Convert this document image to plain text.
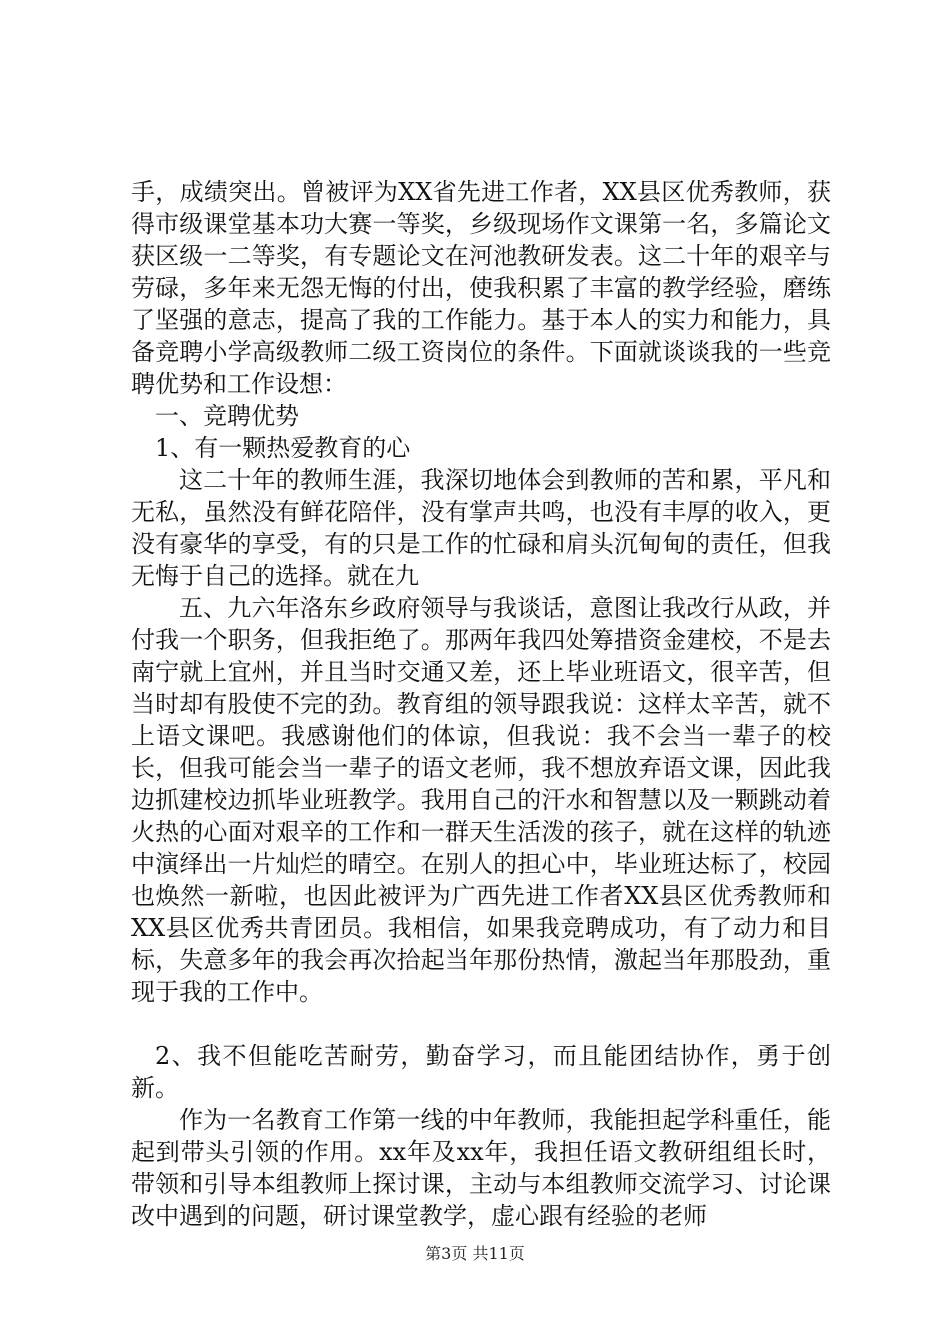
手，成绩突出。曾被评为XX省先进工作者，XX县区优秀教师，获得市级课堂基本功大赛一等奖，乡级现场作文课第一名，多篇论文获区级一二等奖，有专题论文在河池教研发表。这二十年的艰辛与劳碌，多年来无怨无悔的付出，使我积累了丰富的教学经验，磨练了坚强的意志，提高了我的工作能力。基于本人的实力和能力，具备竞聘小学高级教师二级工资岗位的条件。下面就谈谈我的一些竞聘优势和工作设想：

一、竞聘优势

1、有一颗热爱教育的心

这二十年的教师生涯，我深切地体会到教师的苦和累，平凡和无私，虽然没有鲜花陪伴，没有掌声共鸣，也没有丰厚的收入，更没有豪华的享受，有的只是工作的忙碌和肩头沉甸甸的责任，但我无悔于自己的选择。就在九

五、九六年洛东乡政府领导与我谈话，意图让我改行从政，并付我一个职务，但我拒绝了。那两年我四处筹措资金建校，不是去南宁就上宜州，并且当时交通又差，还上毕业班语文，很辛苦，但当时却有股使不完的劲。教育组的领导跟我说：这样太辛苦，就不上语文课吧。我感谢他们的体谅，但我说：我不会当一辈子的校长，但我可能会当一辈子的语文老师，我不想放弃语文课，因此我边抓建校边抓毕业班教学。我用自己的汗水和智慧以及一颗跳动着火热的心面对艰辛的工作和一群天生活泼的孩子，就在这样的轨迹中演绎出一片灿烂的晴空。在别人的担心中，毕业班达标了，校园也焕然一新啦，也因此被评为广西先进工作者XX县区优秀教师和XX县区优秀共青团员。我相信，如果我竞聘成功，有了动力和目标，失意多年的我会再次拾起当年那份热情，激起当年那股劲，重现于我的工作中。

2、我不但能吃苦耐劳，勤奋学习，而且能团结协作，勇于创新。

作为一名教育工作第一线的中年教师，我能担起学科重任，能起到带头引领的作用。xx年及xx年，我担任语文教研组组长时，带领和引导本组教师上探讨课，主动与本组教师交流学习、讨论课改中遇到的问题，研讨课堂教学，虚心跟有经验的老师

第3页 共11页
